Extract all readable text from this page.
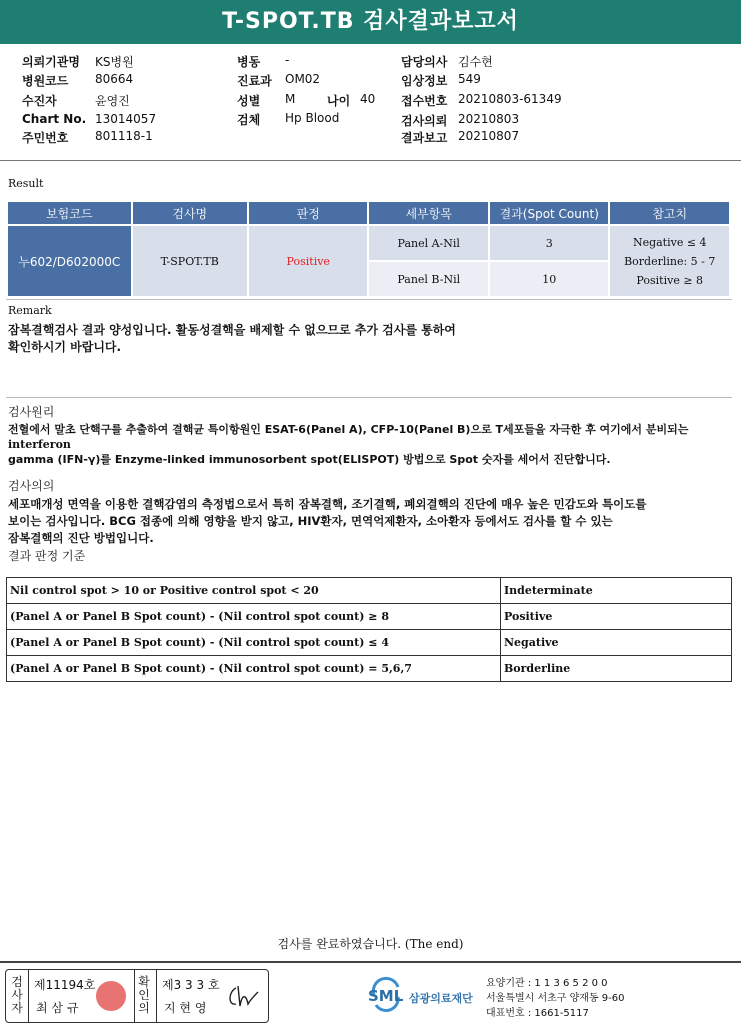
T-SPOT.TB 검사결과보고서
의뢰기관명 KS병원
병원코드 80664
수진자	윤영진
Chart No. 13014057
주민번호 801118-1
병동 -
진료과 OM02
성별 M	나이 40
검체 Hp Blood
담당의사 김수현
임상정보 549
접수번호 20210803-61349
검사의뢰 20210803
결과보고 20210807
Result
보험코드	검사명	판정	세부항목	결과(Spot Count)	참고치
누602/D602000C	T-SPOT.TB	Positive	Panel A-Nil	3	Negative ≤ 4
Borderline: 5 - 7
Positive ≥ 8

			Panel B-Nil	10	
Remark
잠복결핵검사 결과 양성입니다. 활동성결핵을 배제할 수 없으므로 추가 검사를 통하여
확인하시기 바랍니다.
검사원리
전혈에서 말초 단핵구를 추출하여 결핵균 특이항원인 ESAT-6(Panel A), CFP-10(Panel B)으로 T세포들을 자극한 후 여기에서 분비되는
interferon
gamma (IFN-γ)를 Enzyme-linked immunosorbent spot(ELISPOT) 방법으로 Spot 숫자를 세어서 진단합니다.
검사의의
세포매개성 면역을 이용한 결핵감염의 측정법으로서 특히 잠복결핵, 조기결핵, 폐외결핵의 진단에 매우 높은 민감도와 특이도를
보이는 검사입니다. BCG 접종에 의해 영향을 받지 않고, HIV환자, 면역억제환자, 소아환자 등에서도 검사를 할 수 있는
잠복결핵의 진단 방법입니다.
결과 판정 기준
Nil control spot > 10 or Positive control spot < 20	Indeterminate
(Panel A or Panel B Spot count) - (Nil control spot count) ≥ 8	Positive
(Panel A or Panel B Spot count) - (Nil control spot count) ≤ 4	Negative
(Panel A or Panel B Spot count) - (Nil control spot count) = 5,6,7	Borderline
검사를 완료하였습니다. (The end)
검
사
자
제11194호
최 삼 규
확
인
의
제3 3 3 호
지 현 영
SML 삼광의료재단
요양기관 : 1 1 3 6 5 2 0 0
서울특별시 서초구 양재동 9-60
대표번호 : 1661-5117
